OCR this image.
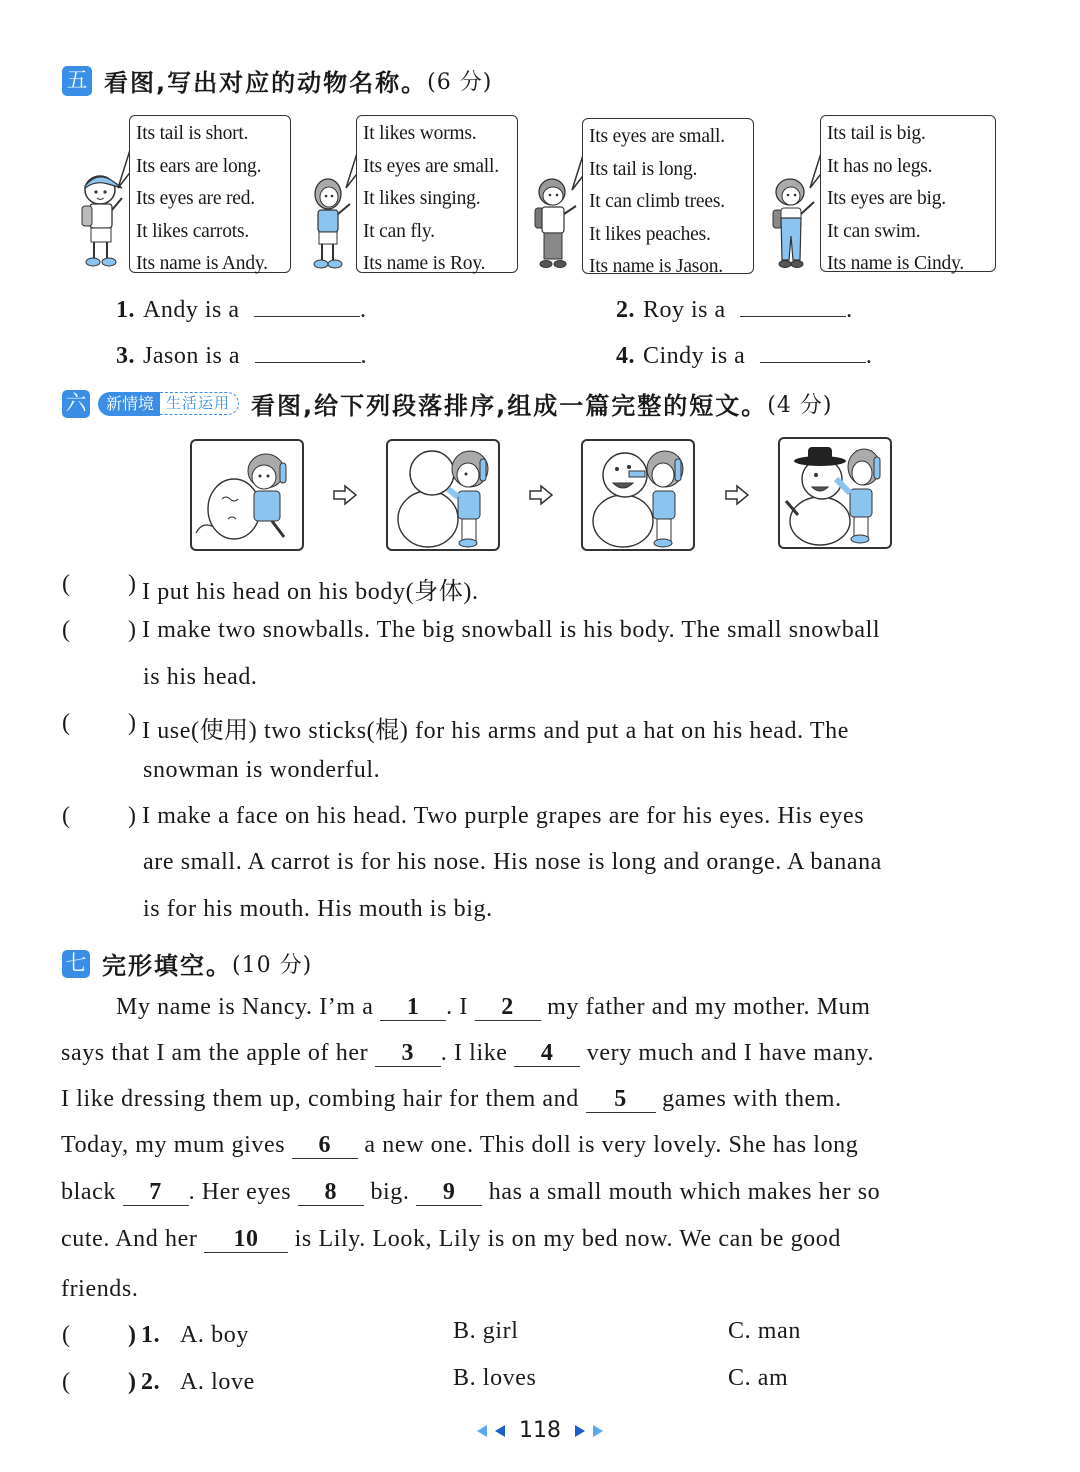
五 看图,写出对应的动物名称。 (6 分)
Its tail is short.
Its ears are long.
Its eyes are red.
It likes carrots.
Its name is Andy.
It likes worms.
Its eyes are small.
It likes singing.
It can fly.
Its name is Roy.
Its eyes are small.
Its tail is long.
It can climb trees.
It likes peaches.
Its name is Jason.
Its tail is big.
It has no legs.
Its eyes are big.
It can swim.
Its name is Cindy.
1. Andy is a	.	2. Roy is a	.
3. Jason is a	.	4. Cindy is a	.
六	新情境 生活运用 看图,给下列段落排序,组成一篇完整的短文。 (4 分)
( ) I put his head on his body(身体).
( ) I make two snowballs. The big snowball is his body. The small snowball
is his head.
( ) I use(使用) two sticks(棍) for his arms and put a hat on his head. The
snowman is wonderful.
( ) I make a face on his head. Two purple grapes are for his eyes. His eyes
are small. A carrot is for his nose. His nose is long and orange. A banana
is for his mouth. His mouth is big.
七 完形填空。 (10 分)
My name is Nancy. I’m a 1 . I 2 my father and my mother. Mum
says that I am the apple of her 3 . I like 4 very much and I have many.
I like dressing them up, combing hair for them and 5 games with them.
Today, my mum gives 6 a new one. This doll is very lovely. She has long
black 7 . Her eyes 8 big. 9 has a small mouth which makes her so
cute. And her 10 is Lily. Look, Lily is on my bed now. We can be good
friends.
( ) 1. A. boy	B. girl	C. man
( ) 2. A. love	B. loves	C. am
118
